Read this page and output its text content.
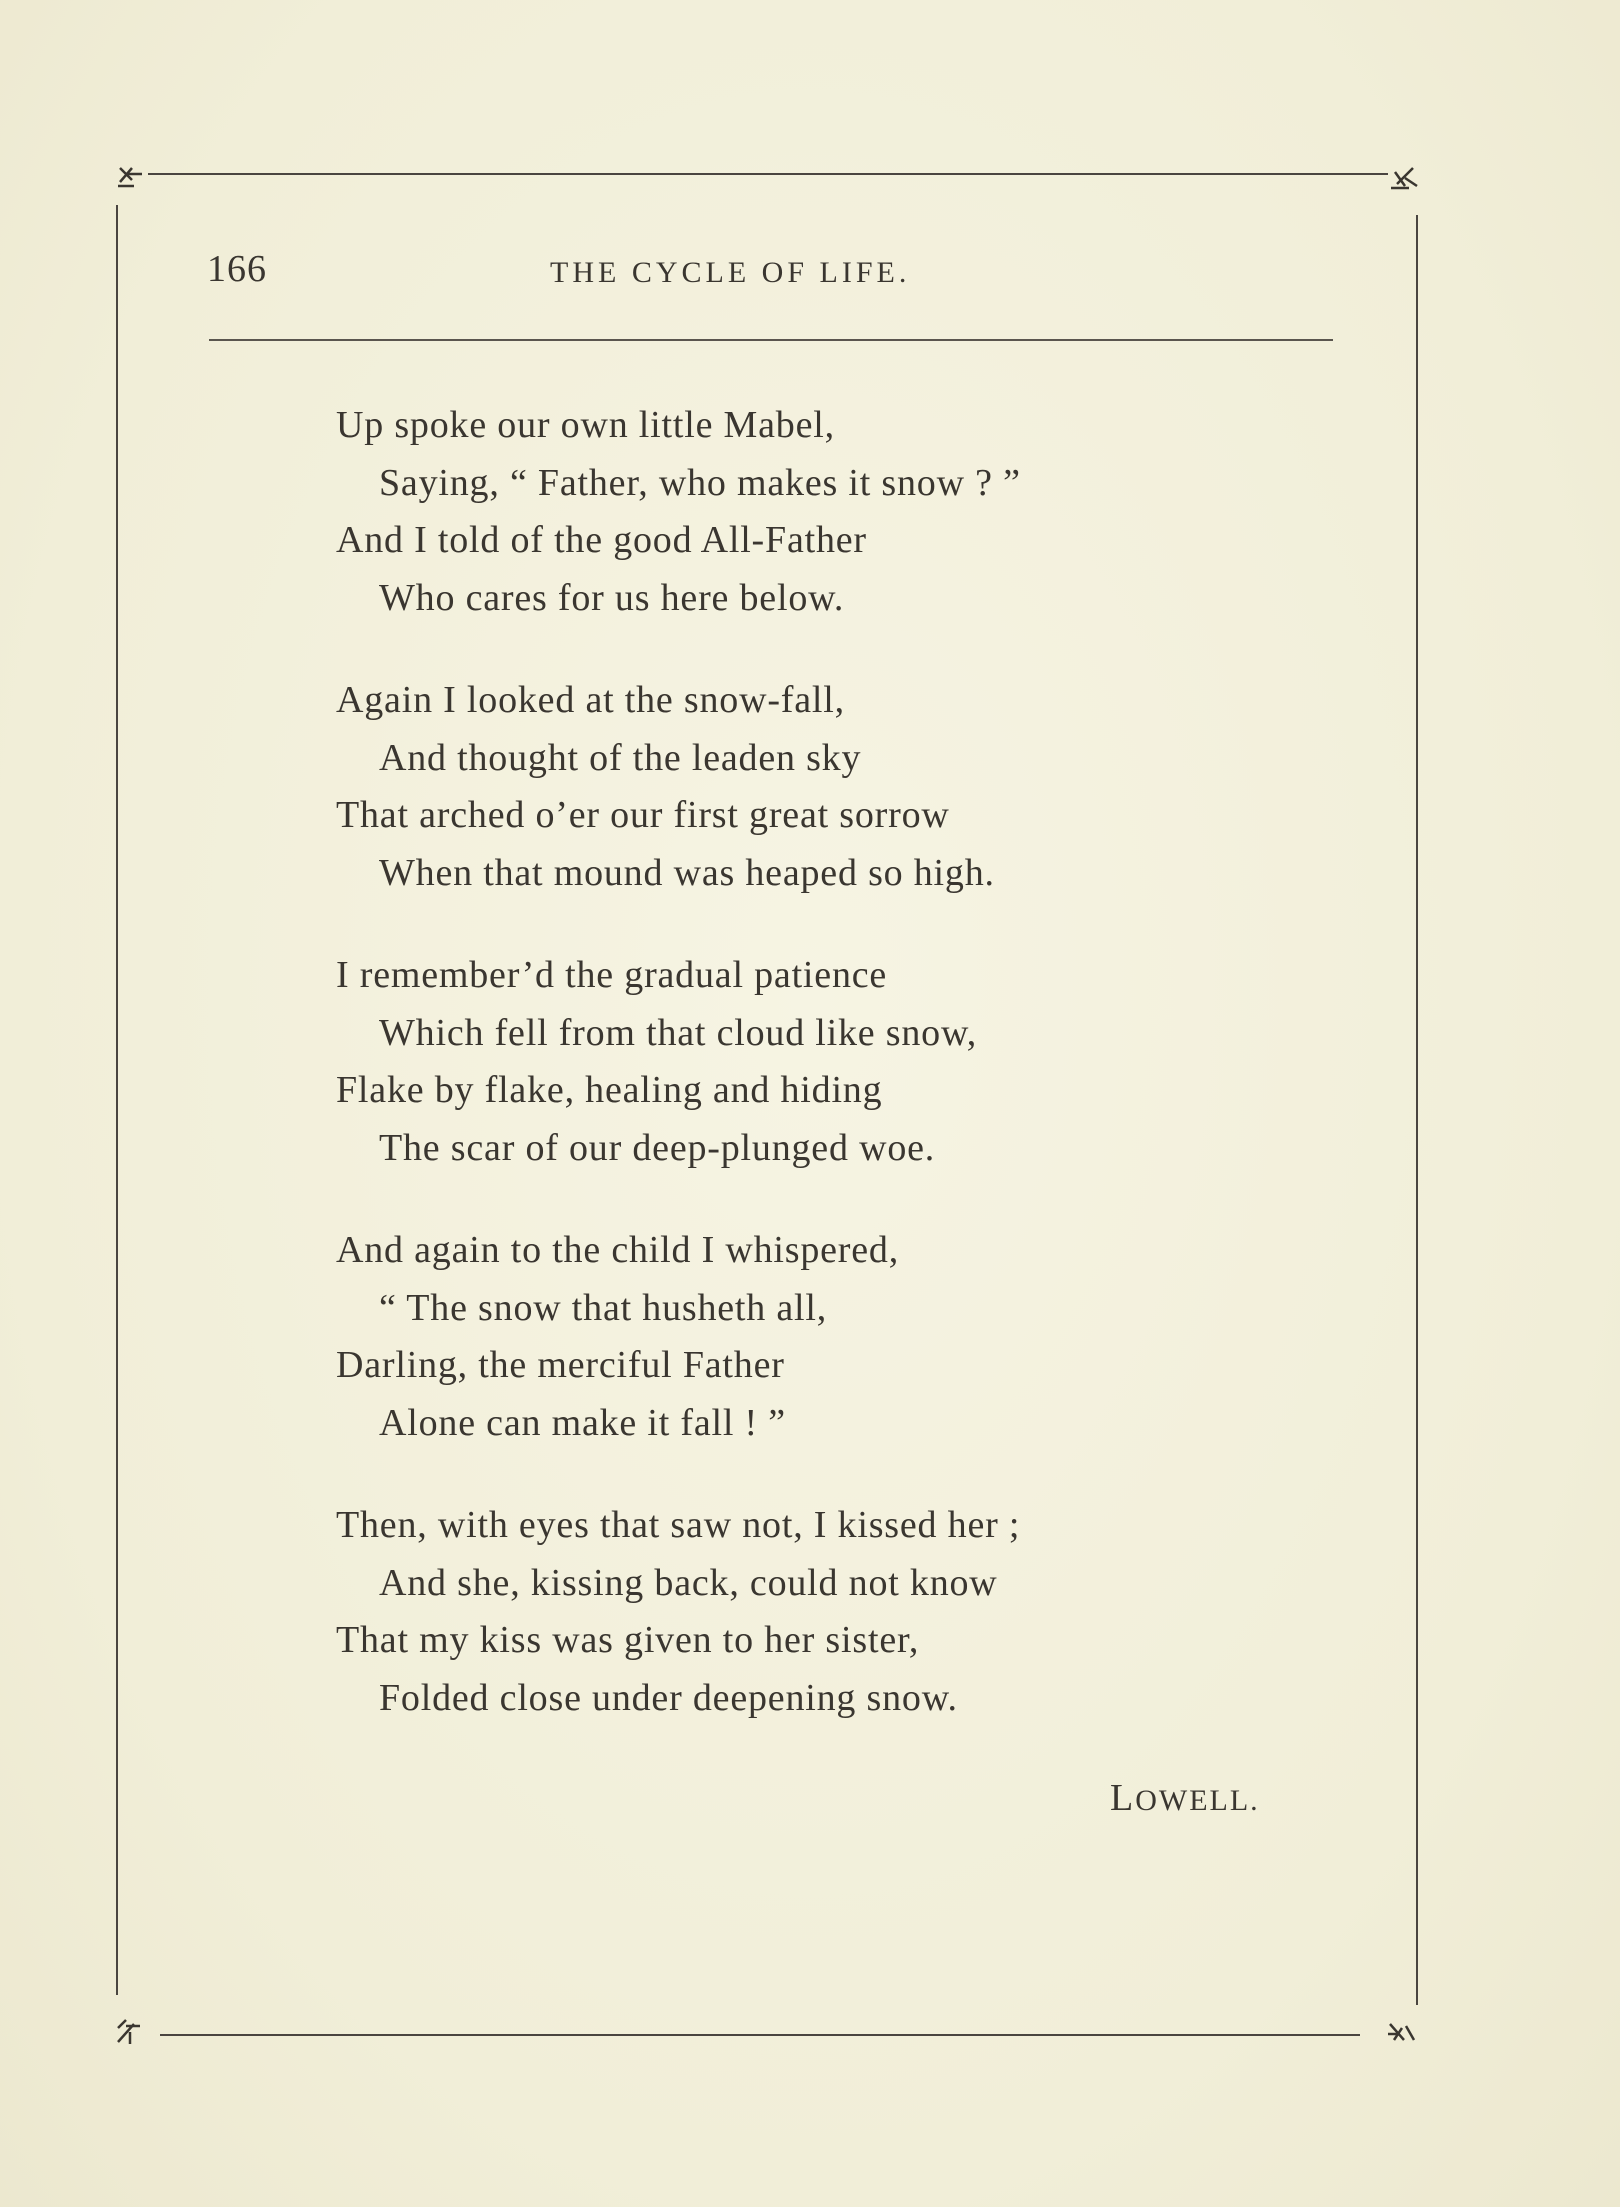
166	THE CYCLE OF LIFE.
Up spoke our own little Mabel,
Saying, “ Father, who makes it snow ? ”
And I told of the good All-Father
Who cares for us here below.
Again I looked at the snow-fall,
And thought of the leaden sky
That arched o’er our first great sorrow
When that mound was heaped so high.
I remember’d the gradual patience
Which fell from that cloud like snow,
Flake by flake, healing and hiding
The scar of our deep-plunged woe.
And again to the child I whispered,
“ The snow that husheth all,
Darling, the merciful Father
Alone can make it fall ! ”
Then, with eyes that saw not, I kissed her ;
And she, kissing back, could not know
That my kiss was given to her sister,
Folded close under deepening snow.
LOWELL.
